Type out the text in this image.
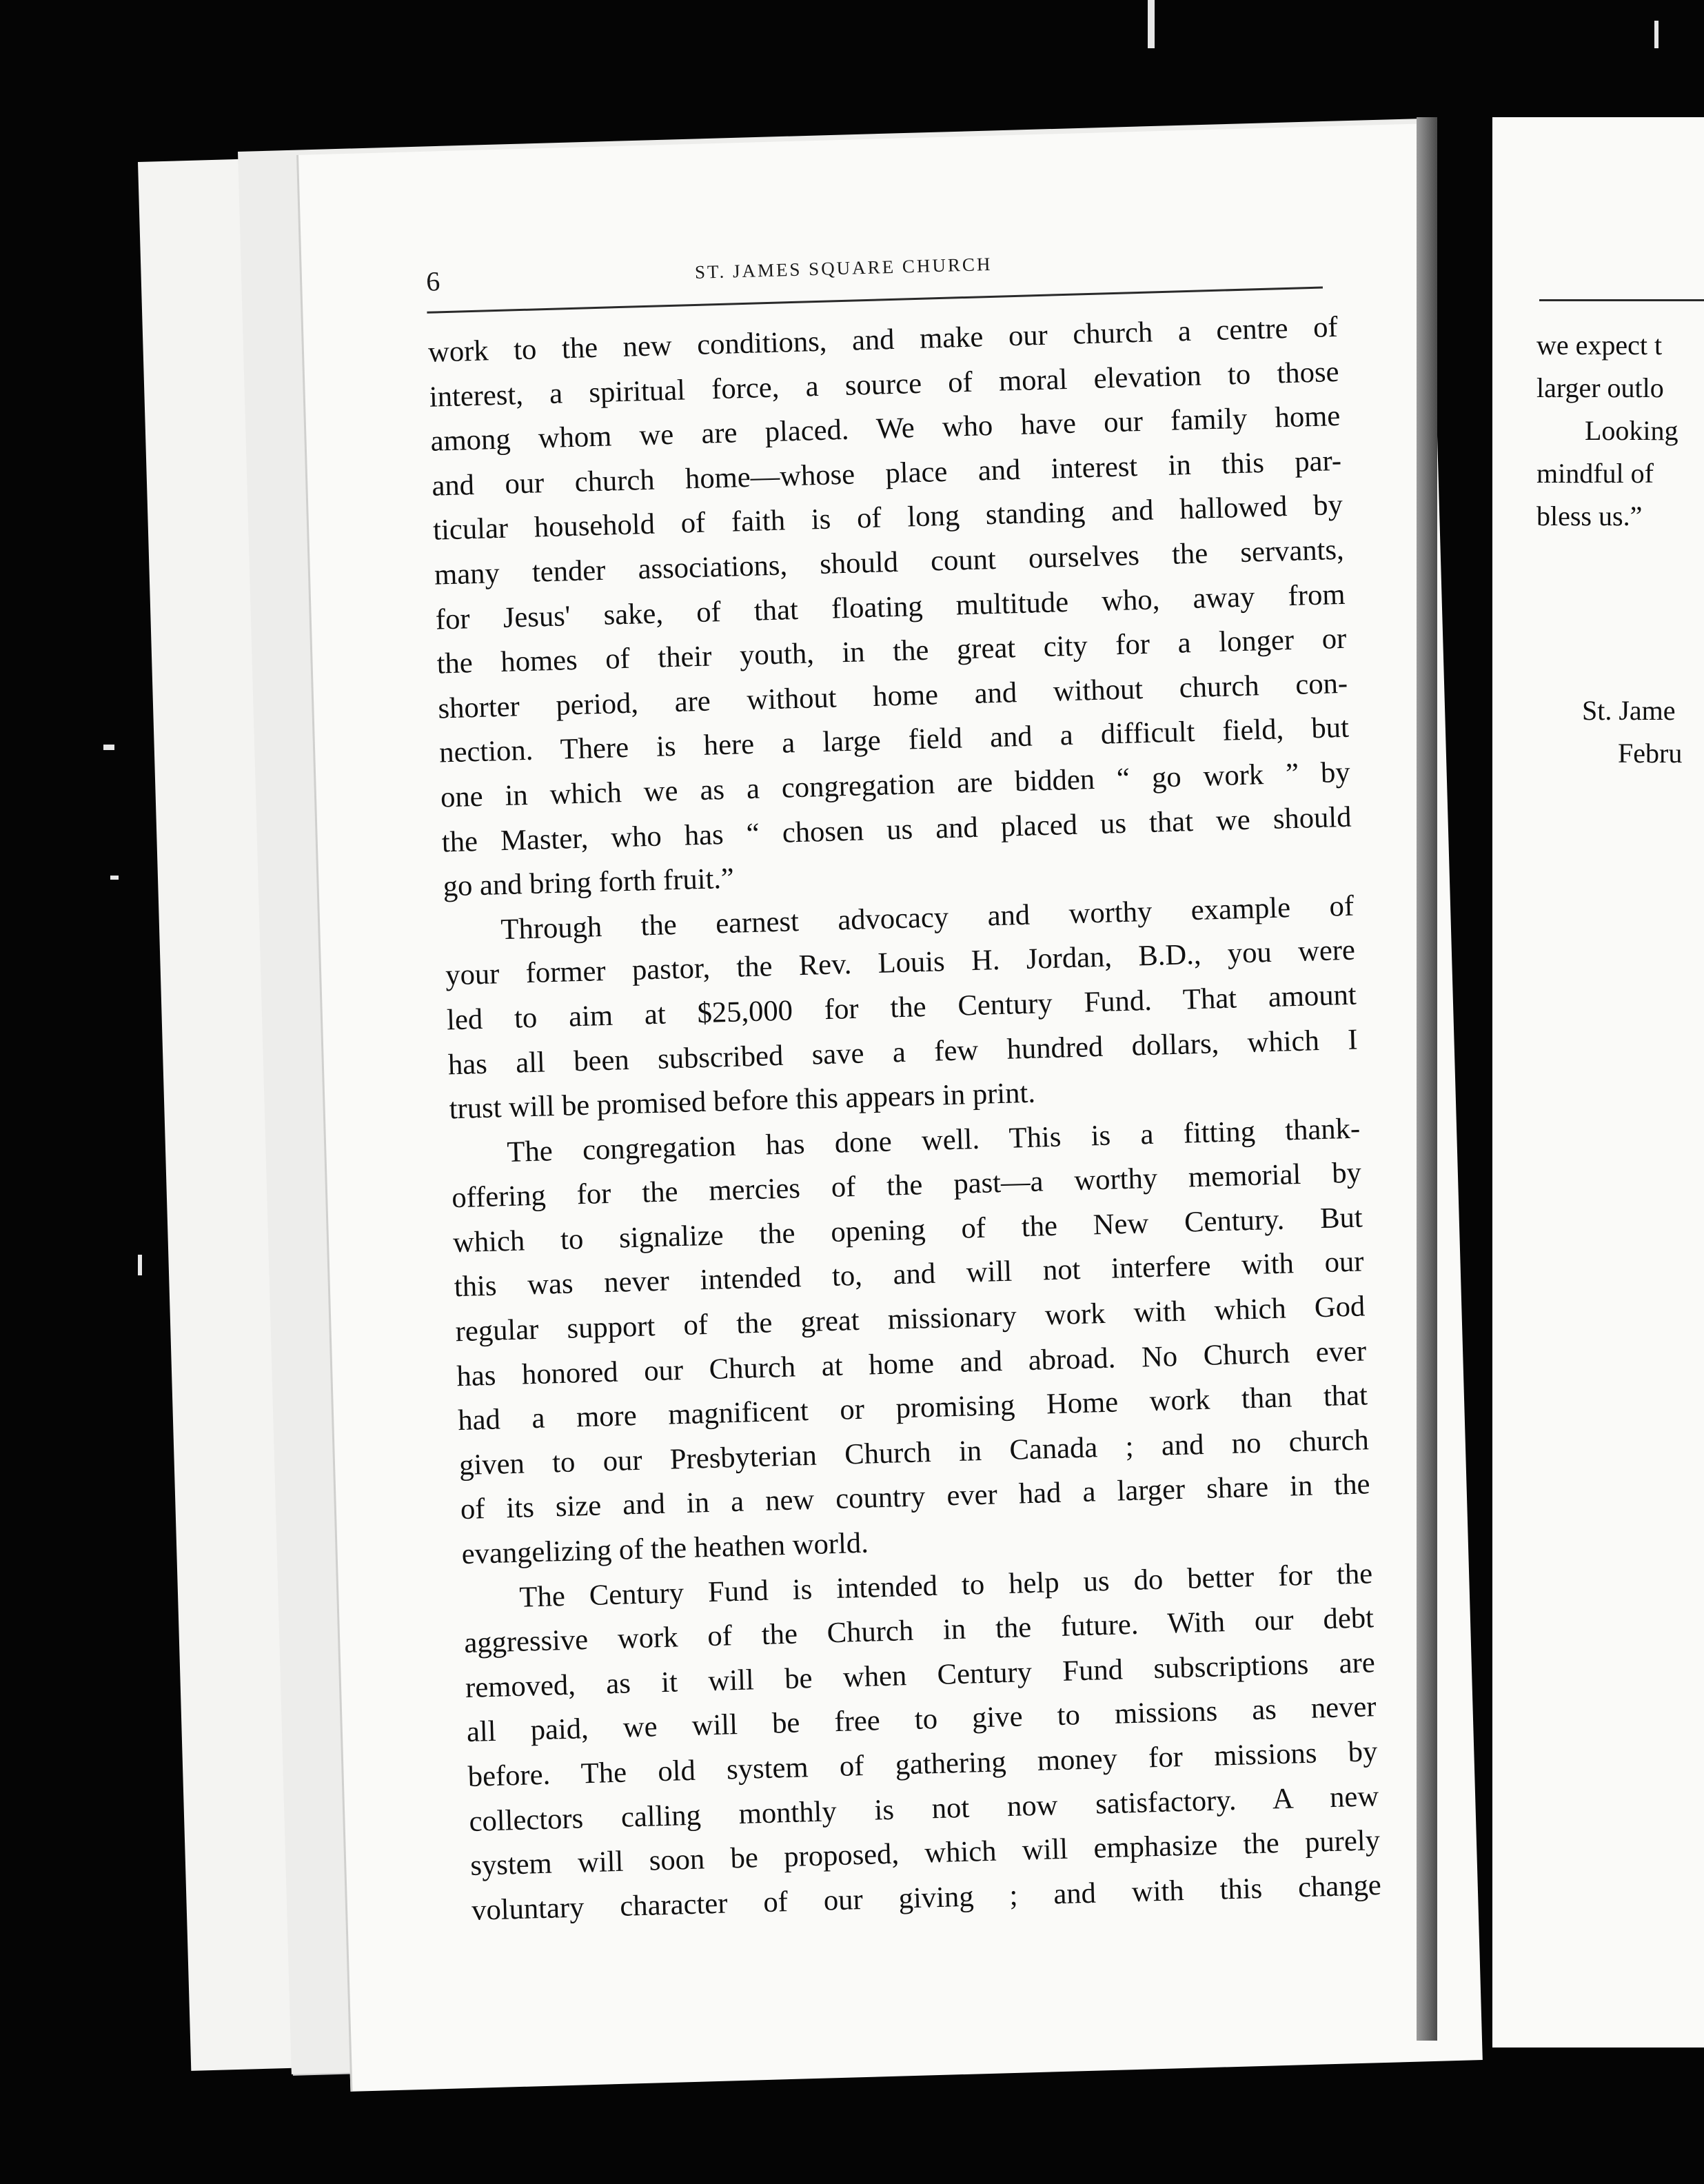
6	ST. JAMES SQUARE CHURCH
work to the new conditions, and make our church a centre of
interest, a spiritual force, a source of moral elevation to those
among whom we are placed. We who have our family home
and our church home—whose place and interest in this par-
ticular household of faith is of long standing and hallowed by
many tender associations, should count ourselves the servants,
for Jesus' sake, of that floating multitude who, away from
the homes of their youth, in the great city for a longer or
shorter period, are without home and without church con-
nection. There is here a large field and a difficult field, but
one in which we as a congregation are bidden “ go work ” by
the Master, who has “ chosen us and placed us that we should
go and bring forth fruit.”
Through the earnest advocacy and worthy example of
your former pastor, the Rev. Louis H. Jordan, B.D., you were
led to aim at $25,000 for the Century Fund. That amount
has all been subscribed save a few hundred dollars, which I
trust will be promised before this appears in print.
The congregation has done well. This is a fitting thank-
offering for the mercies of the past—a worthy memorial by
which to signalize the opening of the New Century. But
this was never intended to, and will not interfere with our
regular support of the great missionary work with which God
has honored our Church at home and abroad. No Church ever
had a more magnificent or promising Home work than that
given to our Presbyterian Church in Canada ; and no church
of its size and in a new country ever had a larger share in the
evangelizing of the heathen world.
The Century Fund is intended to help us do better for the
aggressive work of the Church in the future. With our debt
removed, as it will be when Century Fund subscriptions are
all paid, we will be free to give to missions as never
before. The old system of gathering money for missions by
collectors calling monthly is not now satisfactory. A new
system will soon be proposed, which will emphasize the purely
voluntary character of our giving ; and with this change
we expect t
larger outlo
Looking
mindful of
bless us.”
St. Jame
Febru
